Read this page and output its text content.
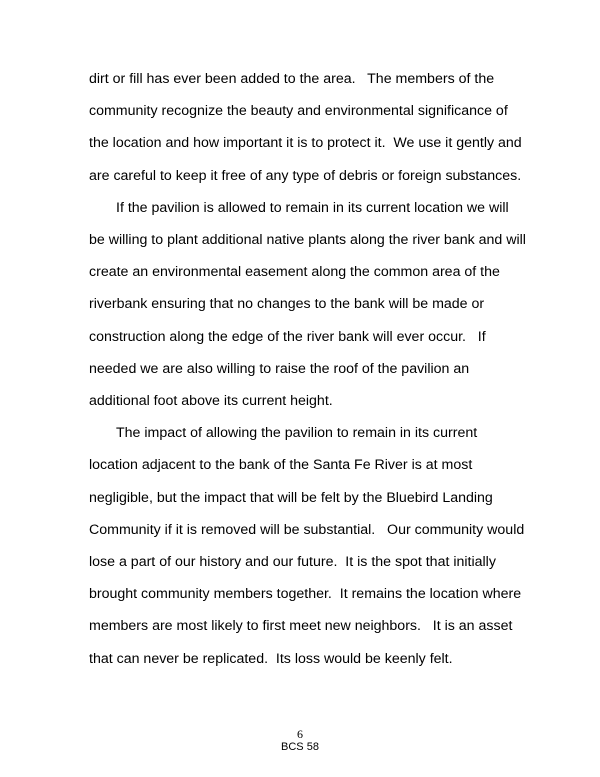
dirt or fill has ever been added to the area.   The members of the
community recognize the beauty and environmental significance of
the location and how important it is to protect it.  We use it gently and
are careful to keep it free of any type of debris or foreign substances.
If the pavilion is allowed to remain in its current location we will
be willing to plant additional native plants along the river bank and will
create an environmental easement along the common area of the
riverbank ensuring that no changes to the bank will be made or
construction along the edge of the river bank will ever occur.   If
needed we are also willing to raise the roof of the pavilion an
additional foot above its current height.
The impact of allowing the pavilion to remain in its current
location adjacent to the bank of the Santa Fe River is at most
negligible, but the impact that will be felt by the Bluebird Landing
Community if it is removed will be substantial.   Our community would
lose a part of our history and our future.  It is the spot that initially
brought community members together.  It remains the location where
members are most likely to first meet new neighbors.   It is an asset
that can never be replicated.  Its loss would be keenly felt.
6
BCS 58
